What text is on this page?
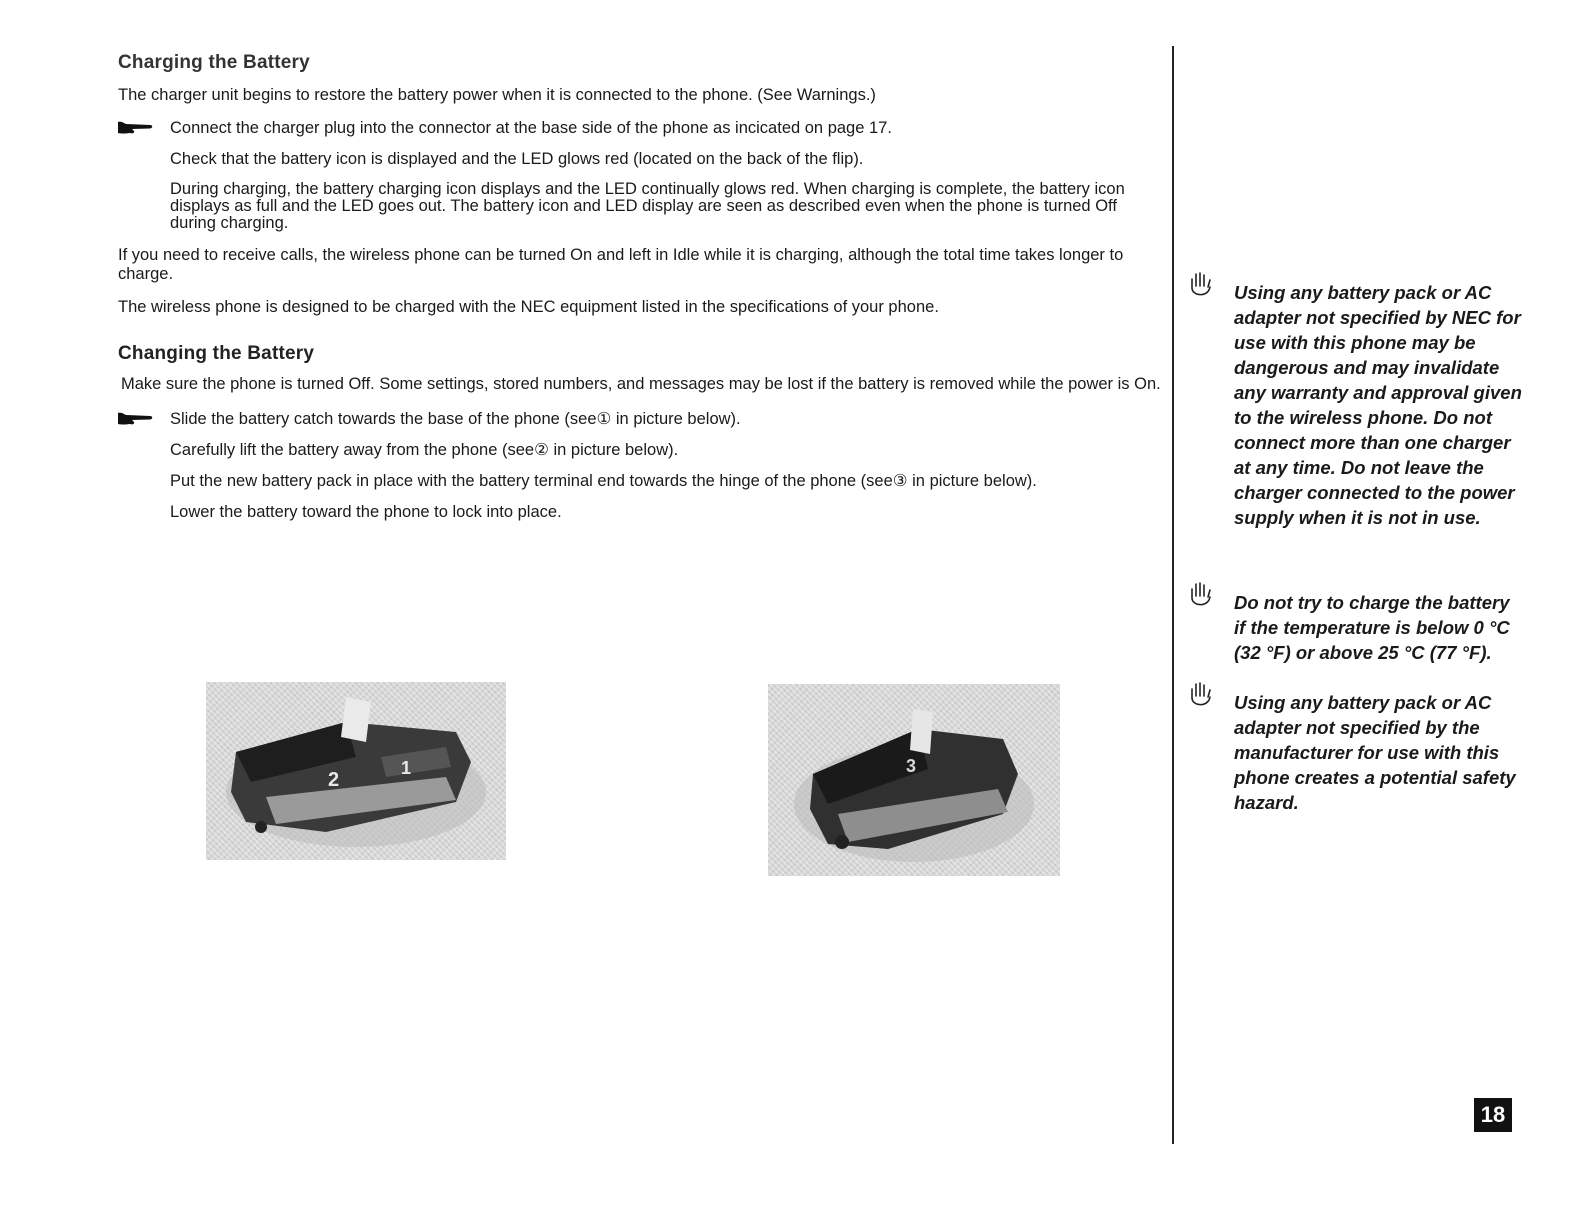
Charging the Battery

The charger unit begins to restore the battery power when it is connected to the phone. (See Warnings.)

Connect the charger plug into the connector at the base side of the phone as incicated on page 17.

Check that the battery icon is displayed and the LED glows red (located on the back of the flip).

During charging, the battery charging icon displays and the LED continually glows red. When charging is complete, the battery icon displays as full and the LED goes out. The battery icon and LED display are seen as described even when the phone is turned Off during charging.

If you need to receive calls, the wireless phone can be turned On and left in Idle while it is charging, although the total time takes longer to charge.

The wireless phone is designed to be charged with the NEC equipment listed in the specifications of your phone.

Changing the Battery

Make sure the phone is turned Off. Some settings, stored numbers, and messages may be lost if the battery is removed while the power is On.

Slide the battery catch towards the base of the phone (see① in picture below).

Carefully lift the battery away from the phone (see② in picture below).

Put the new battery pack in place with the battery terminal end towards the hinge of the phone (see③ in picture below).

Lower the battery toward the phone to lock into place.

2
1	3
Using any battery pack or AC adapter not specified by NEC for use with this phone may be dangerous and may invalidate any warranty and approval given to the wireless phone. Do not connect more than one charger at any time. Do not leave the charger connected to the power supply when it is not in use.
Do not try to charge the battery if the temperature is below 0 °C (32 °F) or above 25 °C (77 °F).
Using any battery pack or AC adapter not specified by the manufacturer for use with this phone creates a potential safety hazard.
18
